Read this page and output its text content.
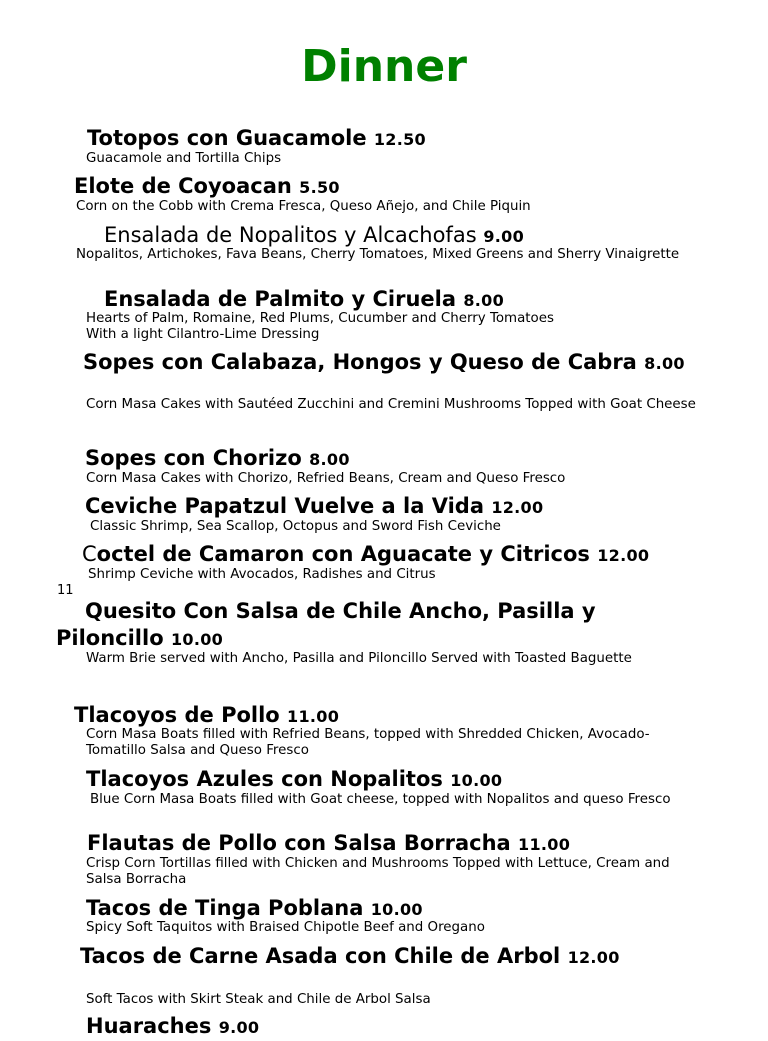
Dinner

Totopos con Guacamole 12.50

Guacamole and Tortilla Chips

Elote de Coyoacan 5.50

Corn on the Cobb with Crema Fresca, Queso Añejo, and Chile Piquin

Ensalada de Nopalitos y Alcachofas 9.00

Nopalitos, Artichokes, Fava Beans, Cherry Tomatoes, Mixed Greens and Sherry Vinaigrette

Ensalada de Palmito y Ciruela 8.00

Hearts of Palm, Romaine, Red Plums, Cucumber and Cherry Tomatoes

With a light Cilantro-Lime Dressing

Sopes con Calabaza, Hongos y Queso de Cabra 8.00

Corn Masa Cakes with Sautéed Zucchini and Cremini Mushrooms Topped with Goat Cheese

Sopes con Chorizo 8.00

Corn Masa Cakes with Chorizo, Refried Beans, Cream and Queso Fresco

Ceviche Papatzul Vuelve a la Vida 12.00

Classic Shrimp, Sea Scallop, Octopus and Sword Fish Ceviche

Coctel de Camaron con Aguacate y Citricos 12.00

Shrimp Ceviche with Avocados, Radishes and Citrus

11

Quesito Con Salsa de Chile Ancho, Pasilla y Piloncillo 10.00

Warm Brie served with Ancho, Pasilla and Piloncillo Served with Toasted Baguette

Tlacoyos de Pollo 11.00

Corn Masa Boats filled with Refried Beans, topped with Shredded Chicken, Avocado-Tomatillo Salsa and Queso Fresco

Tlacoyos Azules con Nopalitos 10.00

Blue Corn Masa Boats filled with Goat cheese, topped with Nopalitos and queso Fresco

Flautas de Pollo con Salsa Borracha 11.00

Crisp Corn Tortillas filled with Chicken and Mushrooms Topped with Lettuce, Cream and Salsa Borracha

Tacos de Tinga Poblana 10.00

Spicy Soft Taquitos with Braised Chipotle Beef and Oregano

Tacos de Carne Asada con Chile de Arbol 12.00

Soft Tacos with Skirt Steak and Chile de Arbol Salsa

Huaraches 9.00
